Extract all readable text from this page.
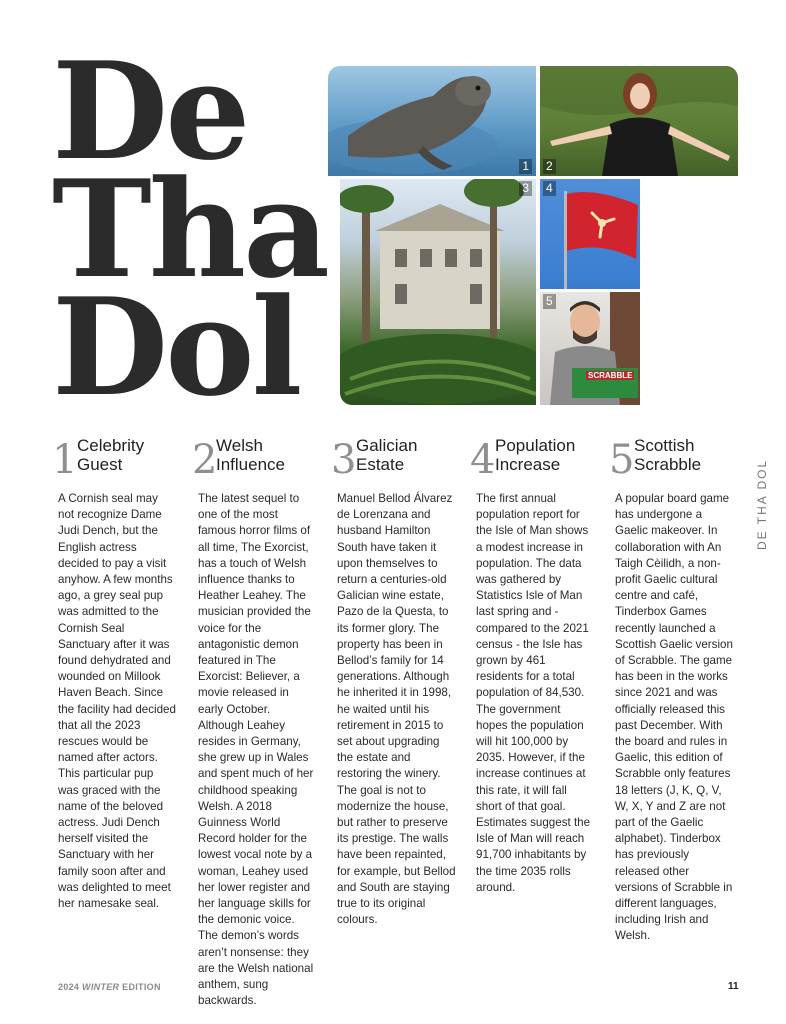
De
Tha
Dol
1 2
3 4
SCRABBLE
5
1 Celebrity Guest

A Cornish seal may not recognize Dame Judi Dench, but the English actress decided to pay a visit anyhow. A few months ago, a grey seal pup was admitted to the Cornish Seal Sanctuary after it was found dehydrated and wounded on Millook Haven Beach. Since the facility had decided that all the 2023 rescues would be named after actors. This particular pup was graced with the name of the beloved actress. Judi Dench herself visited the Sanctuary with her family soon after and was delighted to meet her namesake seal.

2
Welsh Influence

The latest sequel to one of the most famous horror films of all time, The Exorcist, has a touch of Welsh influence thanks to Heather Leahey. The musician provided the voice for the antagonistic demon featured in The Exorcist: Believer, a movie released in early October. Although Leahey resides in Germany, she grew up in Wales and spent much of her childhood speaking Welsh. A 2018 Guinness World Record holder for the lowest vocal note by a woman, Leahey used her lower register and her language skills for the demonic voice. The demon’s words aren’t nonsense: they are the Welsh national anthem, sung backwards.

3 Galician Estate

Manuel Bellod Álvarez de Lorenzana and husband Hamilton South have taken it upon themselves to return a centuries-old Galician wine estate, Pazo de la Questa, to its former glory. The property has been in Bellod’s family for 14 generations. Although he inherited it in 1998, he waited until his retirement in 2015 to set about upgrading the estate and restoring the winery. The goal is not to modernize the house, but rather to preserve its prestige. The walls have been repainted, for example, but Bellod and South are staying true to its original colours.

4 Population Increase

The first annual population report for the Isle of Man shows a modest increase in population. The data was gathered by Statistics Isle of Man last spring and - compared to the 2021 census - the Isle has grown by 461 residents for a total population of 84,530. The government hopes the population will hit 100,000 by 2035. However, if the increase continues at this rate, it will fall short of that goal. Estimates suggest the Isle of Man will reach 91,700 inhabitants by the time 2035 rolls around.

5 Scottish Scrabble

A popular board game has undergone a Gaelic makeover. In collaboration with An Taigh Cèilidh, a non-profit Gaelic cultural centre and café, Tinderbox Games recently launched a Scottish Gaelic version of Scrabble. The game has been in the works since 2021 and was officially released this past December. With the board and rules in Gaelic, this edition of Scrabble only features 18 letters (J, K, Q, V, W, X, Y and Z are not part of the Gaelic alphabet). Tinderbox has previously released other versions of Scrabble in different languages, including Irish and Welsh.

DE THA DOL
2024 WINTER EDITION	11
